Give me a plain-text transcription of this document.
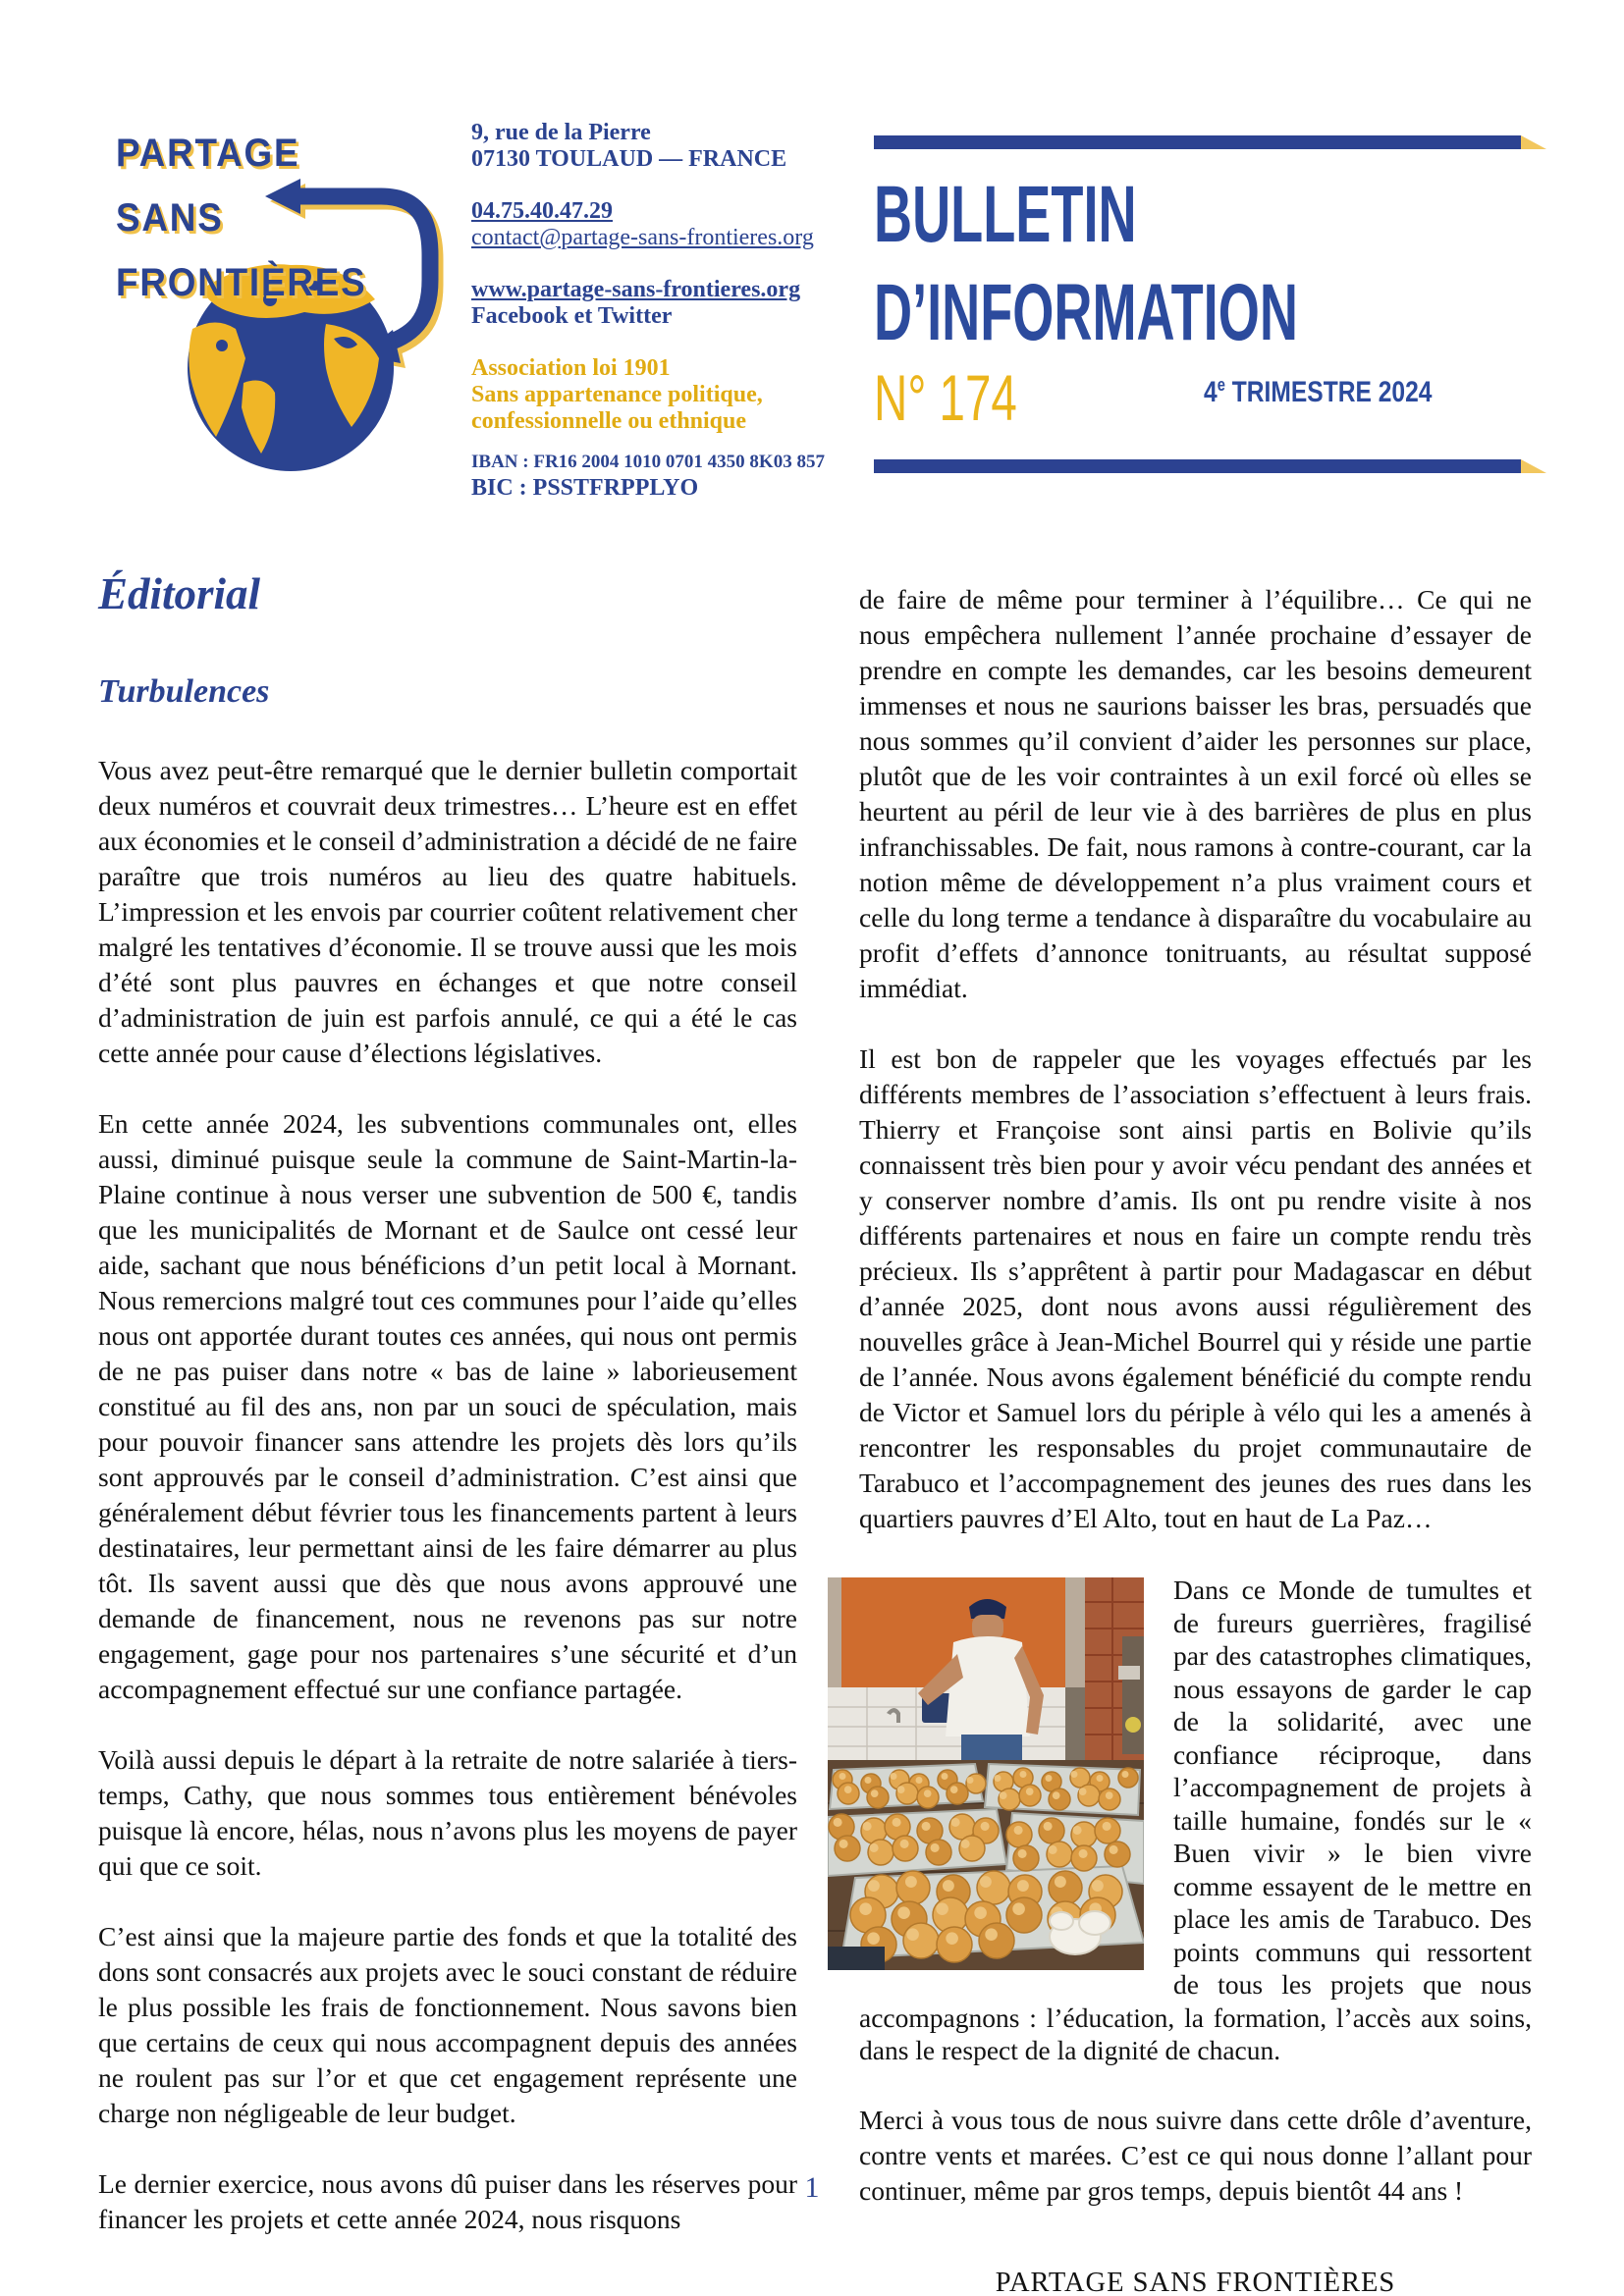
PARTAGE
SANS
FRONTIÈRES
9, rue de la Pierre
07130 TOULAUD — FRANCE
04.75.40.47.29
contact@partage-sans-frontieres.org
www.partage-sans-frontieres.org
Facebook et Twitter
Association loi 1901
Sans appartenance politique,
confessionnelle ou ethnique
IBAN : FR16 2004 1010 0701 4350 8K03 857
BIC : PSSTFRPPLYO
BULLETIN
D’INFORMATION
N° 174	4e TRIMESTRE 2024
Éditorial
Turbulences

Vous avez peut-être remarqué que le dernier bulletin comportait deux numéros et couvrait deux trimestres… L’heure est en effet aux économies et le conseil d’administration a décidé de ne faire paraître que trois numéros au lieu des quatre habituels. L’impression et les envois par courrier coûtent relativement cher malgré les tentatives d’économie. Il se trouve aussi que les mois d’été sont plus pauvres en échanges et que notre conseil d’administration de juin est parfois annulé, ce qui a été le cas cette année pour cause d’élections législatives.

En cette année 2024, les subventions communales ont, elles aussi, diminué puisque seule la commune de Saint-Martin-la-Plaine continue à nous verser une subvention de 500 €, tandis que les municipalités de Mornant et de Saulce ont cessé leur aide, sachant que nous bénéficions d’un petit local à Mornant. Nous remercions malgré tout ces communes pour l’aide qu’elles nous ont apportée durant toutes ces années, qui nous ont permis de ne pas puiser dans notre « bas de laine » laborieusement constitué au fil des ans, non par un souci de spéculation, mais pour pouvoir financer sans attendre les projets dès lors qu’ils sont approuvés par le conseil d’administration. C’est ainsi que généralement début février tous les financements partent à leurs destinataires, leur permettant ainsi de les faire démarrer au plus tôt. Ils savent aussi que dès que nous avons approuvé une demande de financement, nous ne revenons pas sur notre engagement, gage pour nos partenaires s’une sécurité et d’un accompagnement effectué sur une confiance partagée.

Voilà aussi depuis le départ à la retraite de notre salariée à tiers-temps, Cathy, que nous sommes tous entièrement bénévoles puisque là encore, hélas, nous n’avons plus les moyens de payer qui que ce soit.

C’est ainsi que la majeure partie des fonds et que la totalité des dons sont consacrés aux projets avec le souci constant de réduire le plus possible les frais de fonctionnement. Nous savons bien que certains de ceux qui nous accompagnent depuis des années ne roulent pas sur l’or et que cet engagement représente une charge non négligeable de leur budget.

Le dernier exercice, nous avons dû puiser dans les réserves pour financer les projets et cette année 2024, nous risquons

de faire de même pour terminer à l’équilibre… Ce qui ne nous empêchera nullement l’année prochaine d’essayer de prendre en compte les demandes, car les besoins demeurent immenses et nous ne saurions baisser les bras, persuadés que nous sommes qu’il convient d’aider les personnes sur place, plutôt que de les voir contraintes à un exil forcé où elles se heurtent au péril de leur vie à des barrières de plus en plus infranchissables. De fait, nous ramons à contre-courant, car la notion même de développement n’a plus vraiment cours et celle du long terme a tendance à disparaître du vocabulaire au profit d’effets d’annonce tonitruants, au résultat supposé immédiat.

Il est bon de rappeler que les voyages effectués par les différents membres de l’association s’effectuent à leurs frais. Thierry et Françoise sont ainsi partis en Bolivie qu’ils connaissent très bien pour y avoir vécu pendant des années et y conserver nombre d’amis. Ils ont pu rendre visite à nos différents partenaires et nous en faire un compte rendu très précieux. Ils s’apprêtent à partir pour Madagascar en début d’année 2025, dont nous avons aussi régulièrement des nouvelles grâce à Jean-Michel Bourrel qui y réside une partie de l’année. Nous avons également bénéficié du compte rendu de Victor et Samuel lors du périple à vélo qui les a amenés à rencontrer les responsables du projet communautaire de Tarabuco et l’accompagnement des jeunes des rues dans les quartiers pauvres d’El Alto, tout en haut de La Paz…

Dans ce Monde de tumultes et de fureurs guerrières, fragilisé par des catastrophes climatiques, nous essayons de garder le cap de la solidarité, avec une confiance réciproque, dans l’accompagnement de projets à taille humaine, fondés sur le « Buen vivir » le bien vivre comme essayent de le mettre en place les amis de Tarabuco. Des points communs qui ressortent de tous les projets que nous accompagnons : l’éducation, la formation, l’accès aux soins, dans le respect de la dignité de chacun.

Merci à vous tous de nous suivre dans cette drôle d’aventure, contre vents et marées. C’est ce qui nous donne l’allant pour continuer, même par gros temps, depuis bientôt 44 ans !

PARTAGE SANS FRONTIÈRES
1
